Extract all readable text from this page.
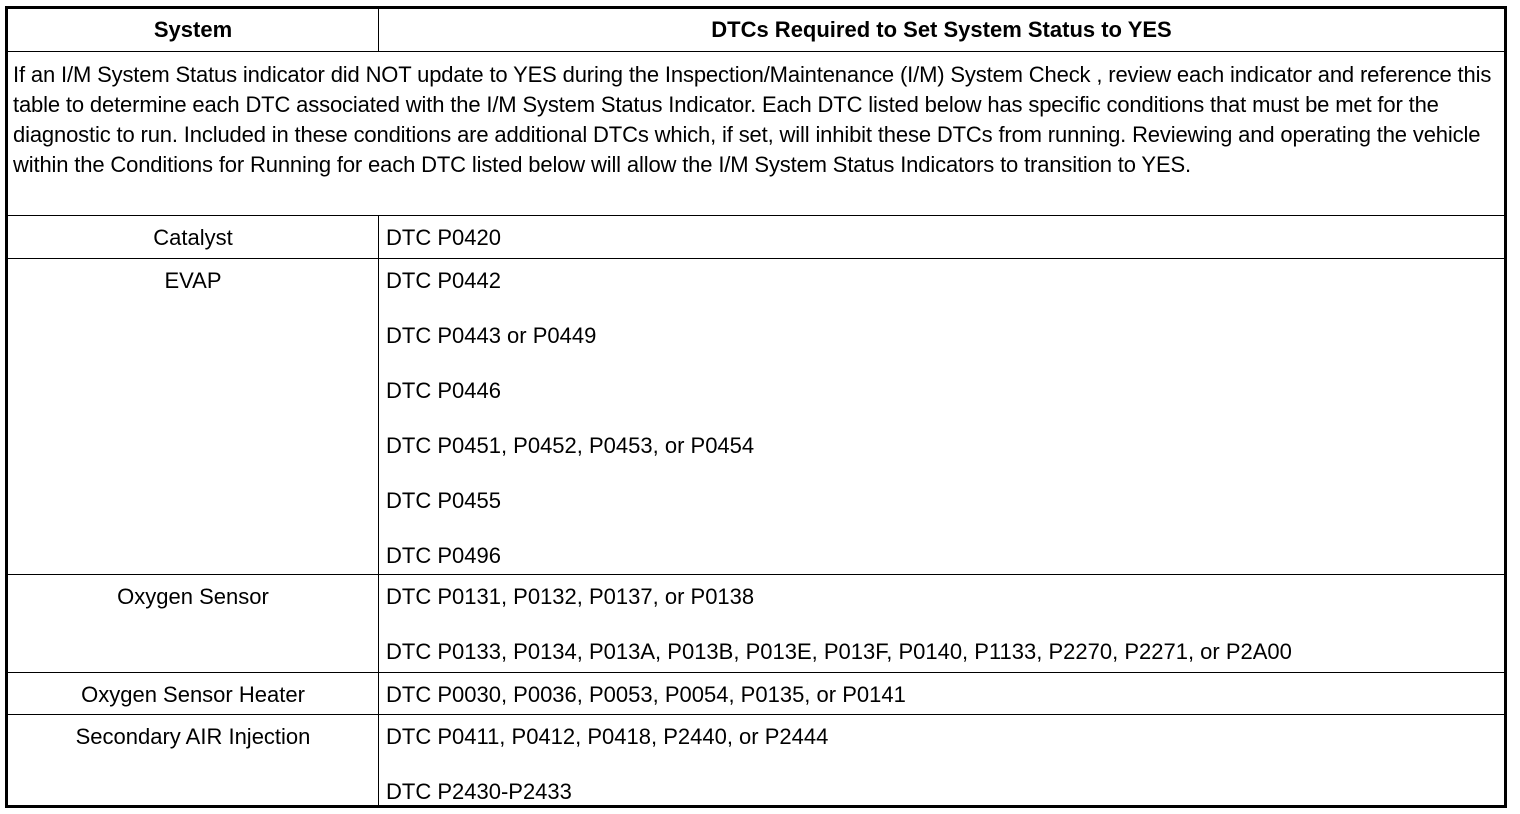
System	DTCs Required to Set System Status to YES
If an I/M System Status indicator did NOT update to YES during the Inspection/Maintenance (I/M) System Check , review each indicator and reference this table to determine each DTC associated with the I/M System Status Indicator. Each DTC listed below has specific conditions that must be met for the diagnostic to run. Included in these conditions are additional DTCs which, if set, will inhibit these DTCs from running. Reviewing and operating the vehicle within the Conditions for Running for each DTC listed below will allow the I/M System Status Indicators to transition to YES.
Catalyst	DTC P0420
EVAP	DTC P0442
DTC P0443 or P0449
DTC P0446
DTC P0451, P0452, P0453, or P0454
DTC P0455
DTC P0496
Oxygen Sensor	DTC P0131, P0132, P0137, or P0138
DTC P0133, P0134, P013A, P013B, P013E, P013F, P0140, P1133, P2270, P2271, or P2A00
Oxygen Sensor Heater	DTC P0030, P0036, P0053, P0054, P0135, or P0141
Secondary AIR Injection	DTC P0411, P0412, P0418, P2440, or P2444
DTC P2430-P2433
